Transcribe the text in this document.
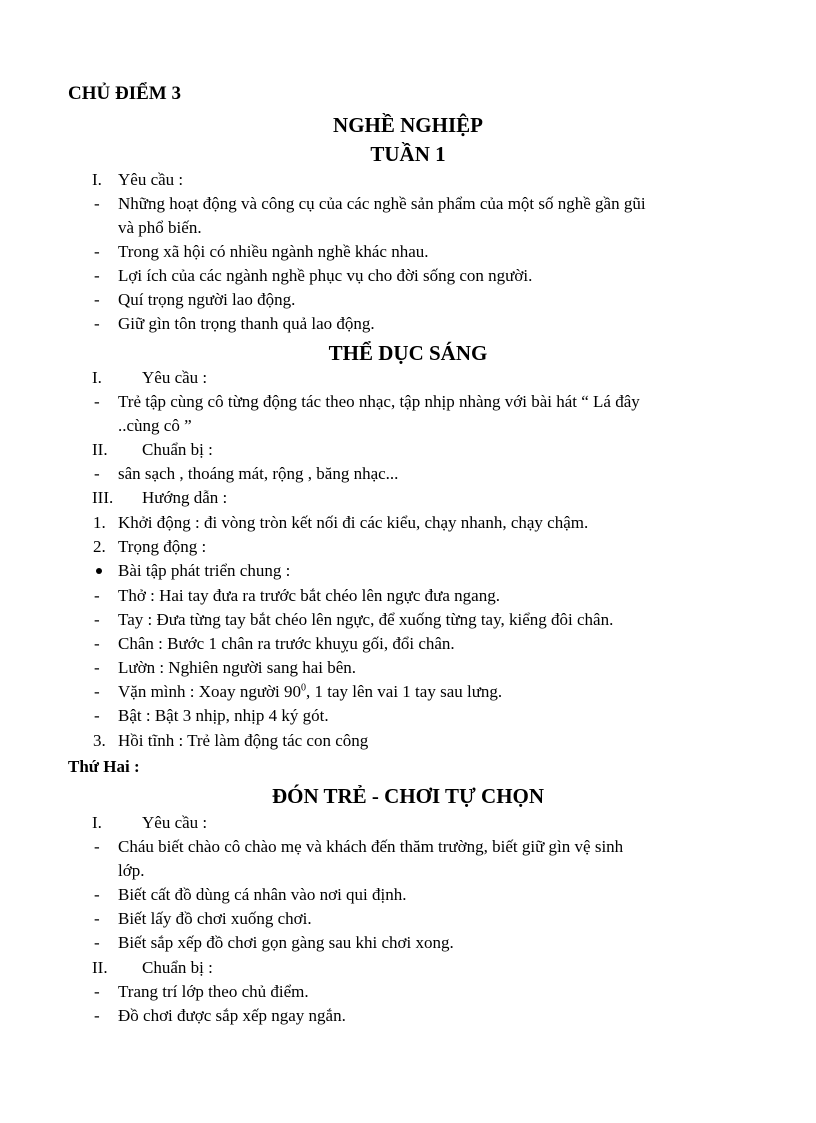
CHỦ ĐIỂM 3
NGHỀ NGHIỆP
TUẦN 1
I. Yêu cầu :
-	Những hoạt động và công cụ của các nghề sản phẩm của một số nghề gần gũi
và phổ biến.
-	Trong xã hội có nhiều ngành nghề khác nhau.
-	Lợi ích của các ngành nghề phục vụ cho đời sống con người.
-	Quí trọng người lao động.
-	Giữ gìn tôn trọng thanh quả lao động.
THỂ DỤC SÁNG
I.	Yêu cầu :
-	Trẻ tập cùng cô từng động tác theo nhạc, tập nhịp nhàng với bài hát “ Lá đây
..cùng cô ”
II.	Chuẩn bị :
-	sân sạch , thoáng mát, rộng , băng nhạc...
III.	Hướng dẫn :
1. Khởi động : đi vòng tròn kết nối đi các kiểu, chạy nhanh, chạy chậm.
2. Trọng động :
Bài tập phát triển chung :
-	Thở : Hai tay đưa ra trước bắt chéo lên ngực đưa ngang.
-	Tay : Đưa từng tay bắt chéo lên ngực, để xuống từng tay, kiểng đôi chân.
-	Chân : Bước 1 chân ra trước khuỵu gối, đổi chân.
-	Lườn : Nghiên người sang hai bên.
-	Vặn mình : Xoay người $90^0$, 1 tay lên vai 1 tay sau lưng.
-	Bật : Bật 3 nhịp, nhịp 4 ký gót.
3. Hồi tĩnh : Trẻ làm động tác con công
Thứ Hai :
ĐÓN TRẺ - CHƠI TỰ CHỌN
I.	Yêu cầu :
-	Cháu biết chào cô chào mẹ và khách đến thăm trường, biết giữ gìn vệ sinh
lớp.
-	Biết cất đồ dùng cá nhân vào nơi qui định.
-	Biết lấy đồ chơi xuống chơi.
-	Biết sắp xếp đồ chơi gọn gàng sau khi chơi xong.
II.	Chuẩn bị :
-	Trang trí lớp theo chủ điểm.
-	Đồ chơi được sắp xếp ngay ngắn.
